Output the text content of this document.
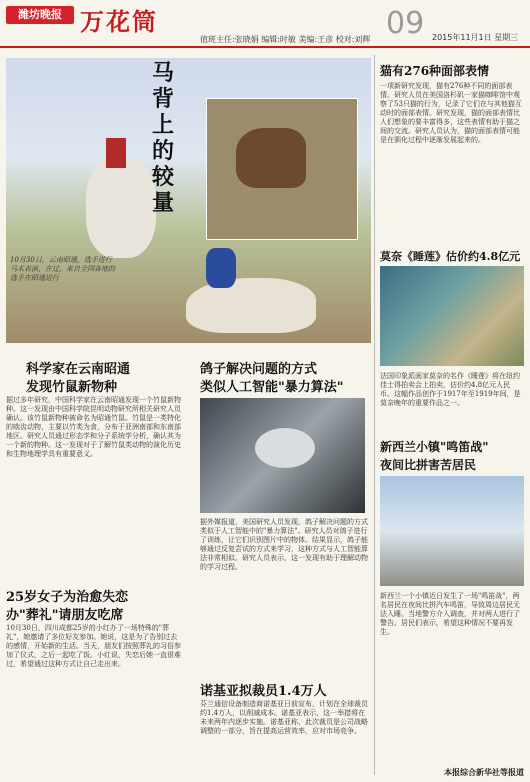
潍坊晚报 万花筒
值班主任:张晓娟 编辑:时敏 美编:王彦 校对:刘辉 09 2015年11月1日 星期三
马背上的较量
10月30日，云南昭通，选手进行马术表演，在过，来自全国各地的选手在昭通进行
科学家在云南昭通
发现竹鼠新物种
据过多年研究，中国科学家在云南昭通发现一个竹鼠新物种。这一发现由中国科学院昆明动物研究所相关研究人员确认。该竹鼠新物种被命名为昭通竹鼠。竹鼠是一类特化的啮齿动物，主要以竹类为食，分布于亚洲南部和东南部地区。研究人员通过形态学和分子系统学分析，确认其为一个新的物种。这一发现对于了解竹鼠类动物的演化历史和生物地理学具有重要意义。
25岁女子为治愈失恋
办"葬礼"请朋友吃席
10月30日，四川成都25岁的小红办了一场特殊的"葬礼"，她邀请了多位好友参加。她说，这是为了告别过去的感情，开始新的生活。当天，朋友们按照葬礼的习俗参加了仪式，之后一起吃了饭。小红说，失恋后她一直很难过，希望通过这种方式让自己走出来。
鸽子解决问题的方式
类似人工智能"暴力算法"
据外媒报道，美国研究人员发现，鸽子解决问题的方式类似于人工智能中的"暴力算法"。研究人员对鸽子进行了训练，让它们识别图片中的物体。结果显示，鸽子能够通过反复尝试的方式来学习，这种方式与人工智能算法非常相似。研究人员表示，这一发现有助于理解动物的学习过程。
诺基亚拟裁员1.4万人
芬兰通信设备制造商诺基亚日前宣布，计划在全球裁员约1.4万人，以削减成本。诺基亚表示，这一举措将在未来两年内逐步实施。诺基亚称，此次裁员是公司战略调整的一部分，旨在提高运营效率，应对市场竞争。
猫有276种面部表情
一项新研究发现，猫有276种不同的面部表情。研究人员在美国洛杉矶一家猫咖啡馆中观察了53只猫的行为，记录了它们在与其他猫互动时的面部表情。研究发现，猫的面部表情比人们想象的要丰富得多，这些表情有助于猫之间的交流。研究人员认为，猫的面部表情可能是在驯化过程中逐渐发展起来的。
莫奈《睡莲》估价约4.8亿元
法国印象派画家莫奈的名作《睡莲》将在纽约佳士得拍卖会上拍卖，估价约4.8亿元人民币。这幅作品创作于1917年至1919年间，是莫奈晚年的重要作品之一。
新西兰小镇"鸣笛战"
夜间比拼害苦居民
新西兰一个小镇近日发生了一场"鸣笛战"，两名居民在夜间比拼汽车鸣笛，导致周边居民无法入睡。当地警方介入调查，并对两人进行了警告。居民们表示，希望这种情况不要再发生。
本报综合新华社等报道
